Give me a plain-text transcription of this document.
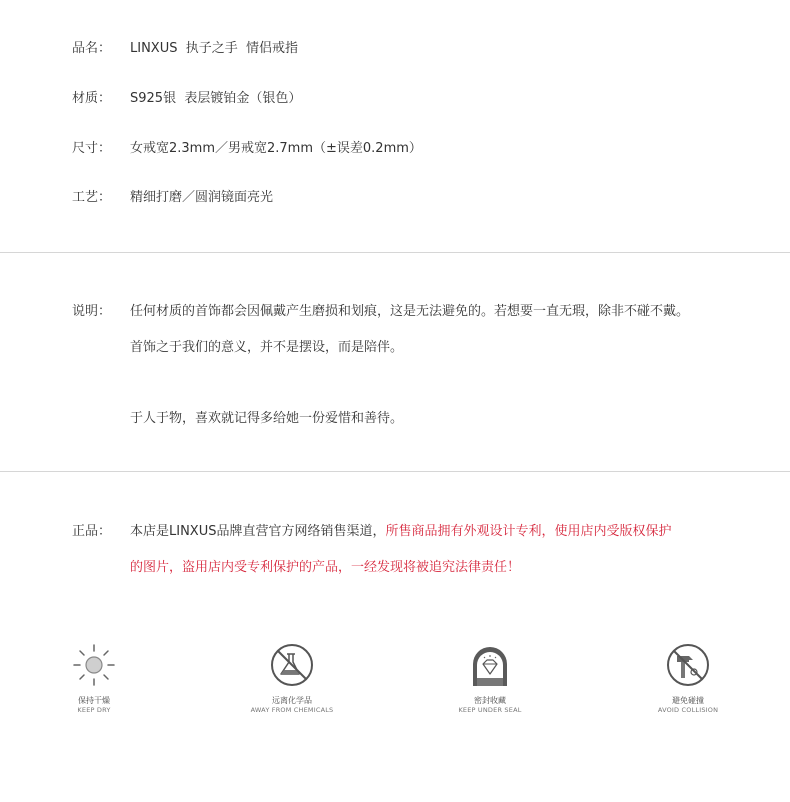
品名： LINXUS  执子之手  情侣戒指
材质： S925银  表层镀铂金（银色）
尺寸： 女戒宽2.3mm／男戒宽2.7mm（±误差0.2mm）
工艺： 精细打磨／圆润镜面亮光
说明： 任何材质的首饰都会因佩戴产生磨损和划痕，这是无法避免的。若想要一直无瑕，除非不碰不戴。
首饰之于我们的意义，并不是摆设，而是陪伴。
于人于物，喜欢就记得多给她一份爱惜和善待。
正品： 本店是LINXUS品牌直营官方网络销售渠道，所售商品拥有外观设计专利，使用店内受版权保护
的图片，盗用店内受专利保护的产品，一经发现将被追究法律责任！
保持干燥
KEEP DRY
远离化学品
AWAY FROM CHEMICALS
密封收藏
KEEP UNDER SEAL
避免碰撞
AVOID COLLISION
